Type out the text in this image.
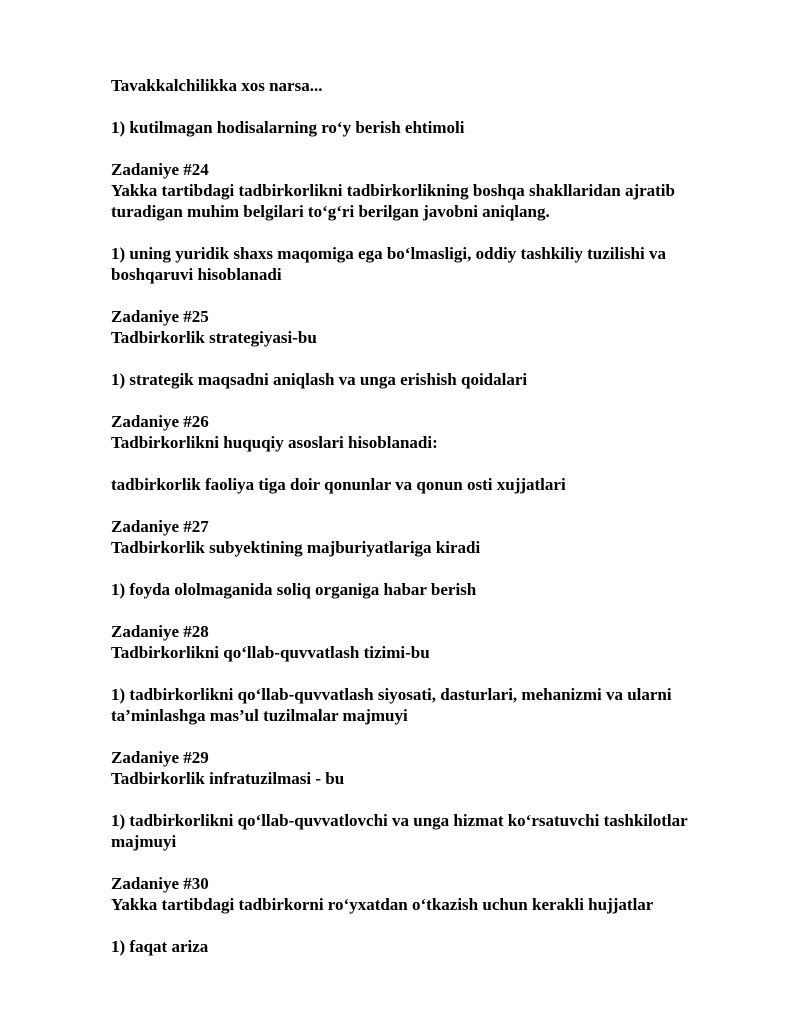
Tavakkalchilikka xos narsa...

1) kutilmagan hodisalarning ro‘y berish ehtimoli

Zadaniye #24

Yakka tartibdagi tadbirkorlikni tadbirkorlikning boshqa shakllaridan ajratib

turadigan muhim belgilari to‘g‘ri berilgan javobni aniqlang.

1) uning yuridik shaxs maqomiga ega bo‘lmasligi, oddiy tashkiliy tuzilishi va

boshqaruvi hisoblanadi

Zadaniye #25

Tadbirkorlik strategiyasi-bu

1) strategik maqsadni aniqlash va unga erishish qoidalari

Zadaniye #26

Tadbirkorlikni huquqiy asoslari hisoblanadi:

tadbirkorlik faoliya tiga doir qonunlar va qonun osti xujjatlari

Zadaniye #27

Tadbirkorlik subyektining majburiyatlariga kiradi

1) foyda ololmaganida soliq organiga habar berish

Zadaniye #28

Tadbirkorlikni qo‘llab-quvvatlash tizimi-bu

1) tadbirkorlikni qo‘llab-quvvatlash siyosati, dasturlari, mehanizmi va ularni

ta’minlashga mas’ul tuzilmalar majmuyi

Zadaniye #29

Tadbirkorlik infratuzilmasi - bu

1) tadbirkorlikni qo‘llab-quvvatlovchi va unga hizmat ko‘rsatuvchi tashkilotlar

majmuyi

Zadaniye #30

Yakka tartibdagi tadbirkorni ro‘yxatdan o‘tkazish uchun kerakli hujjatlar

1) faqat ariza
